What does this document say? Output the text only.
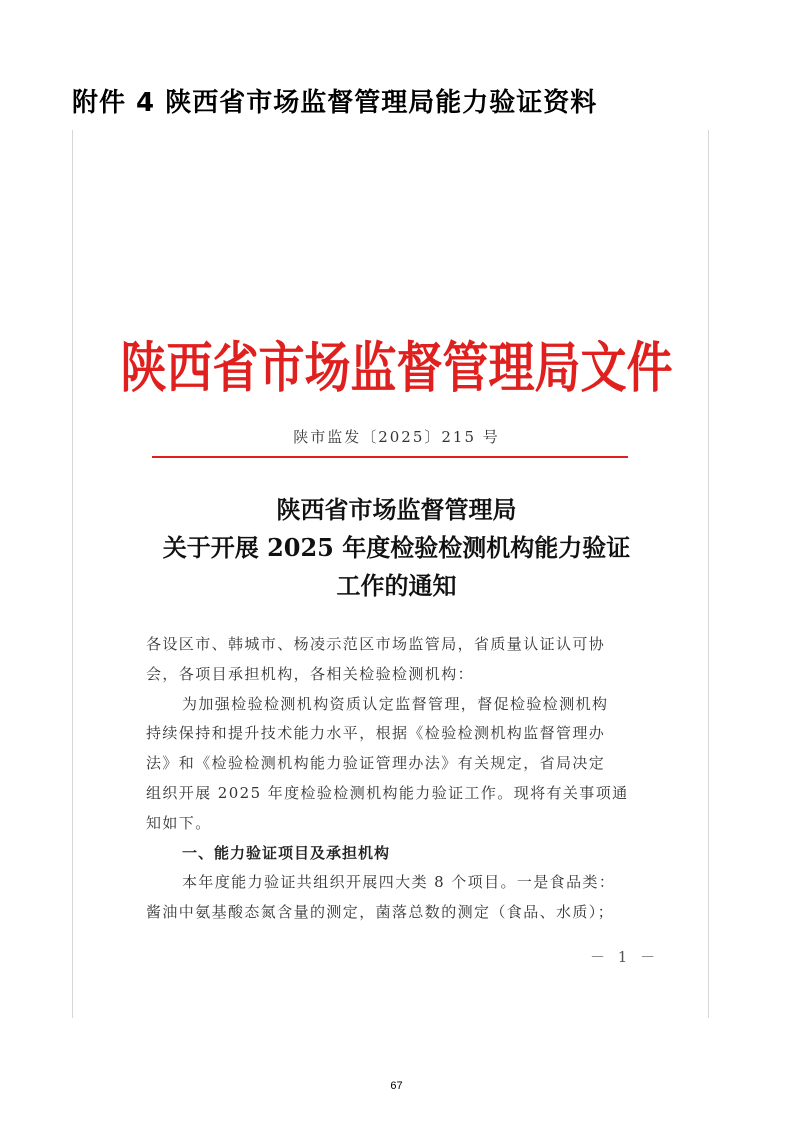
附件 4 陕西省市场监督管理局能力验证资料
陕西省市场监督管理局文件
陕市监发〔2025〕215 号
陕西省市场监督管理局
关于开展 2025 年度检验检测机构能力验证
工作的通知

各设区市、韩城市、杨凌示范区市场监管局，省质量认证认可协

会，各项目承担机构，各相关检验检测机构：

为加强检验检测机构资质认定监督管理，督促检验检测机构

持续保持和提升技术能力水平，根据《检验检测机构监督管理办

法》和《检验检测机构能力验证管理办法》有关规定，省局决定

组织开展 2025 年度检验检测机构能力验证工作。现将有关事项通

知如下。

一、能力验证项目及承担机构

本年度能力验证共组织开展四大类 8 个项目。一是食品类：

酱油中氨基酸态氮含量的测定，菌落总数的测定（食品、水质）；

－ 1 －
67
